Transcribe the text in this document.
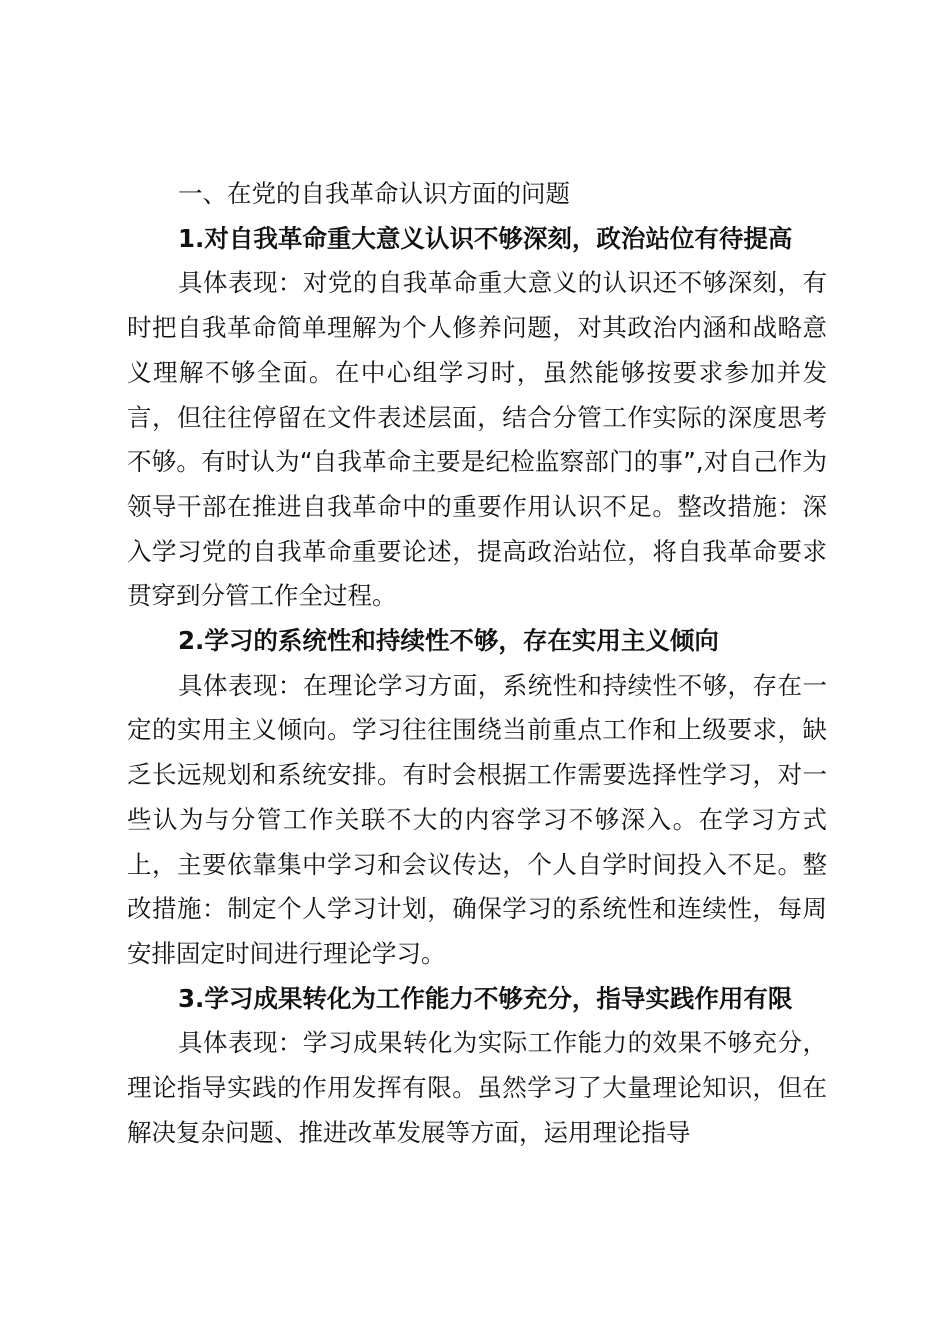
一、在党的自我革命认识方面的问题

1.对自我革命重大意义认识不够深刻，政治站位有待提高

具体表现：对党的自我革命重大意义的认识还不够深刻，有时把自我革命简单理解为个人修养问题，对其政治内涵和战略意义理解不够全面。在中心组学习时，虽然能够按要求参加并发言，但往往停留在文件表述层面，结合分管工作实际的深度思考不够。有时认为“自我革命主要是纪检监察部门的事”,对自己作为领导干部在推进自我革命中的重要作用认识不足。整改措施：深入学习党的自我革命重要论述，提高政治站位，将自我革命要求贯穿到分管工作全过程。

2.学习的系统性和持续性不够，存在实用主义倾向

具体表现：在理论学习方面，系统性和持续性不够，存在一定的实用主义倾向。学习往往围绕当前重点工作和上级要求，缺乏长远规划和系统安排。有时会根据工作需要选择性学习，对一些认为与分管工作关联不大的内容学习不够深入。在学习方式上，主要依靠集中学习和会议传达，个人自学时间投入不足。整改措施：制定个人学习计划，确保学习的系统性和连续性，每周安排固定时间进行理论学习。

3.学习成果转化为工作能力不够充分，指导实践作用有限

具体表现：学习成果转化为实际工作能力的效果不够充分，理论指导实践的作用发挥有限。虽然学习了大量理论知识，但在解决复杂问题、推进改革发展等方面，运用理论指导
